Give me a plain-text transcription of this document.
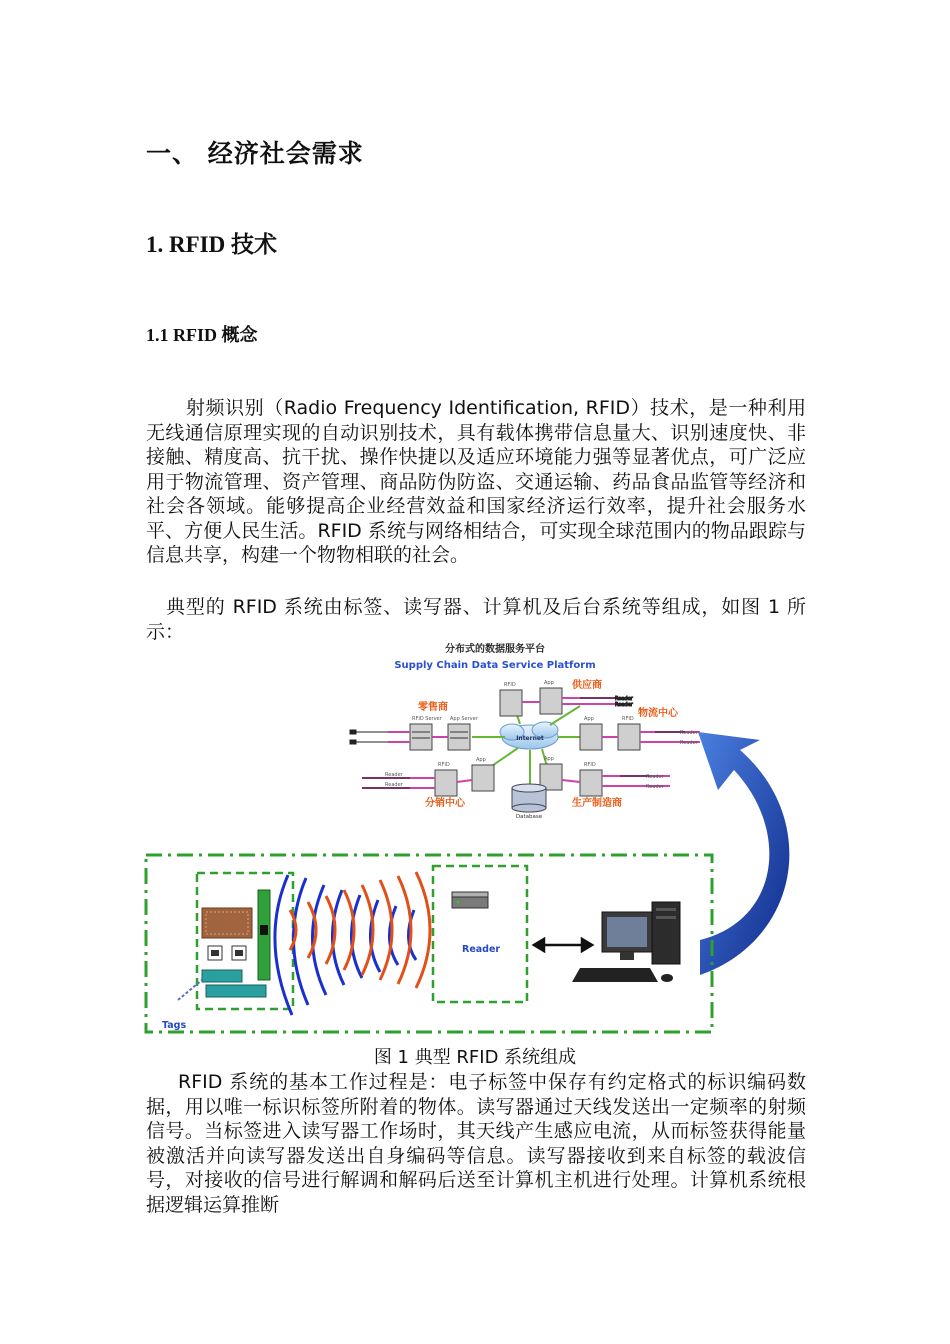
一、 经济社会需求
1. RFID 技术
1.1 RFID 概念
射频识别（Radio Frequency Identification, RFID）技术，是一种利用无线通信原理实现的自动识别技术，具有载体携带信息量大、识别速度快、非接触、精度高、抗干扰、操作快捷以及适应环境能力强等显著优点，可广泛应用于物流管理、资产管理、商品防伪防盗、交通运输、药品食品监管等经济和社会各领域。能够提高企业经营效益和国家经济运行效率，提升社会服务水平、方便人民生活。RFID 系统与网络相结合，可实现全球范围内的物品跟踪与信息共享，构建一个物物相联的社会。
典型的 RFID 系统由标签、读写器、计算机及后台系统等组成，如图 1 所示：
分布式的数据服务平台
Supply Chain Data Service Platform
Internet
RFID Server App Server
零售商
RFID	App 供应商
Reader
Reader
App	RFID 物流中心
Reader
Reader
RFID
App
分销中心
Reader
Reader
App
RFID
生产制造商
Reader
Reader
Database
Tags
Reader
图 1 典型 RFID 系统组成
RFID 系统的基本工作过程是：电子标签中保存有约定格式的标识编码数据，用以唯一标识标签所附着的物体。读写器通过天线发送出一定频率的射频信号。当标签进入读写器工作场时，其天线产生感应电流，从而标签获得能量被激活并向读写器发送出自身编码等信息。读写器接收到来自标签的载波信号，对接收的信号进行解调和解码后送至计算机主机进行处理。计算机系统根据逻辑运算推断
